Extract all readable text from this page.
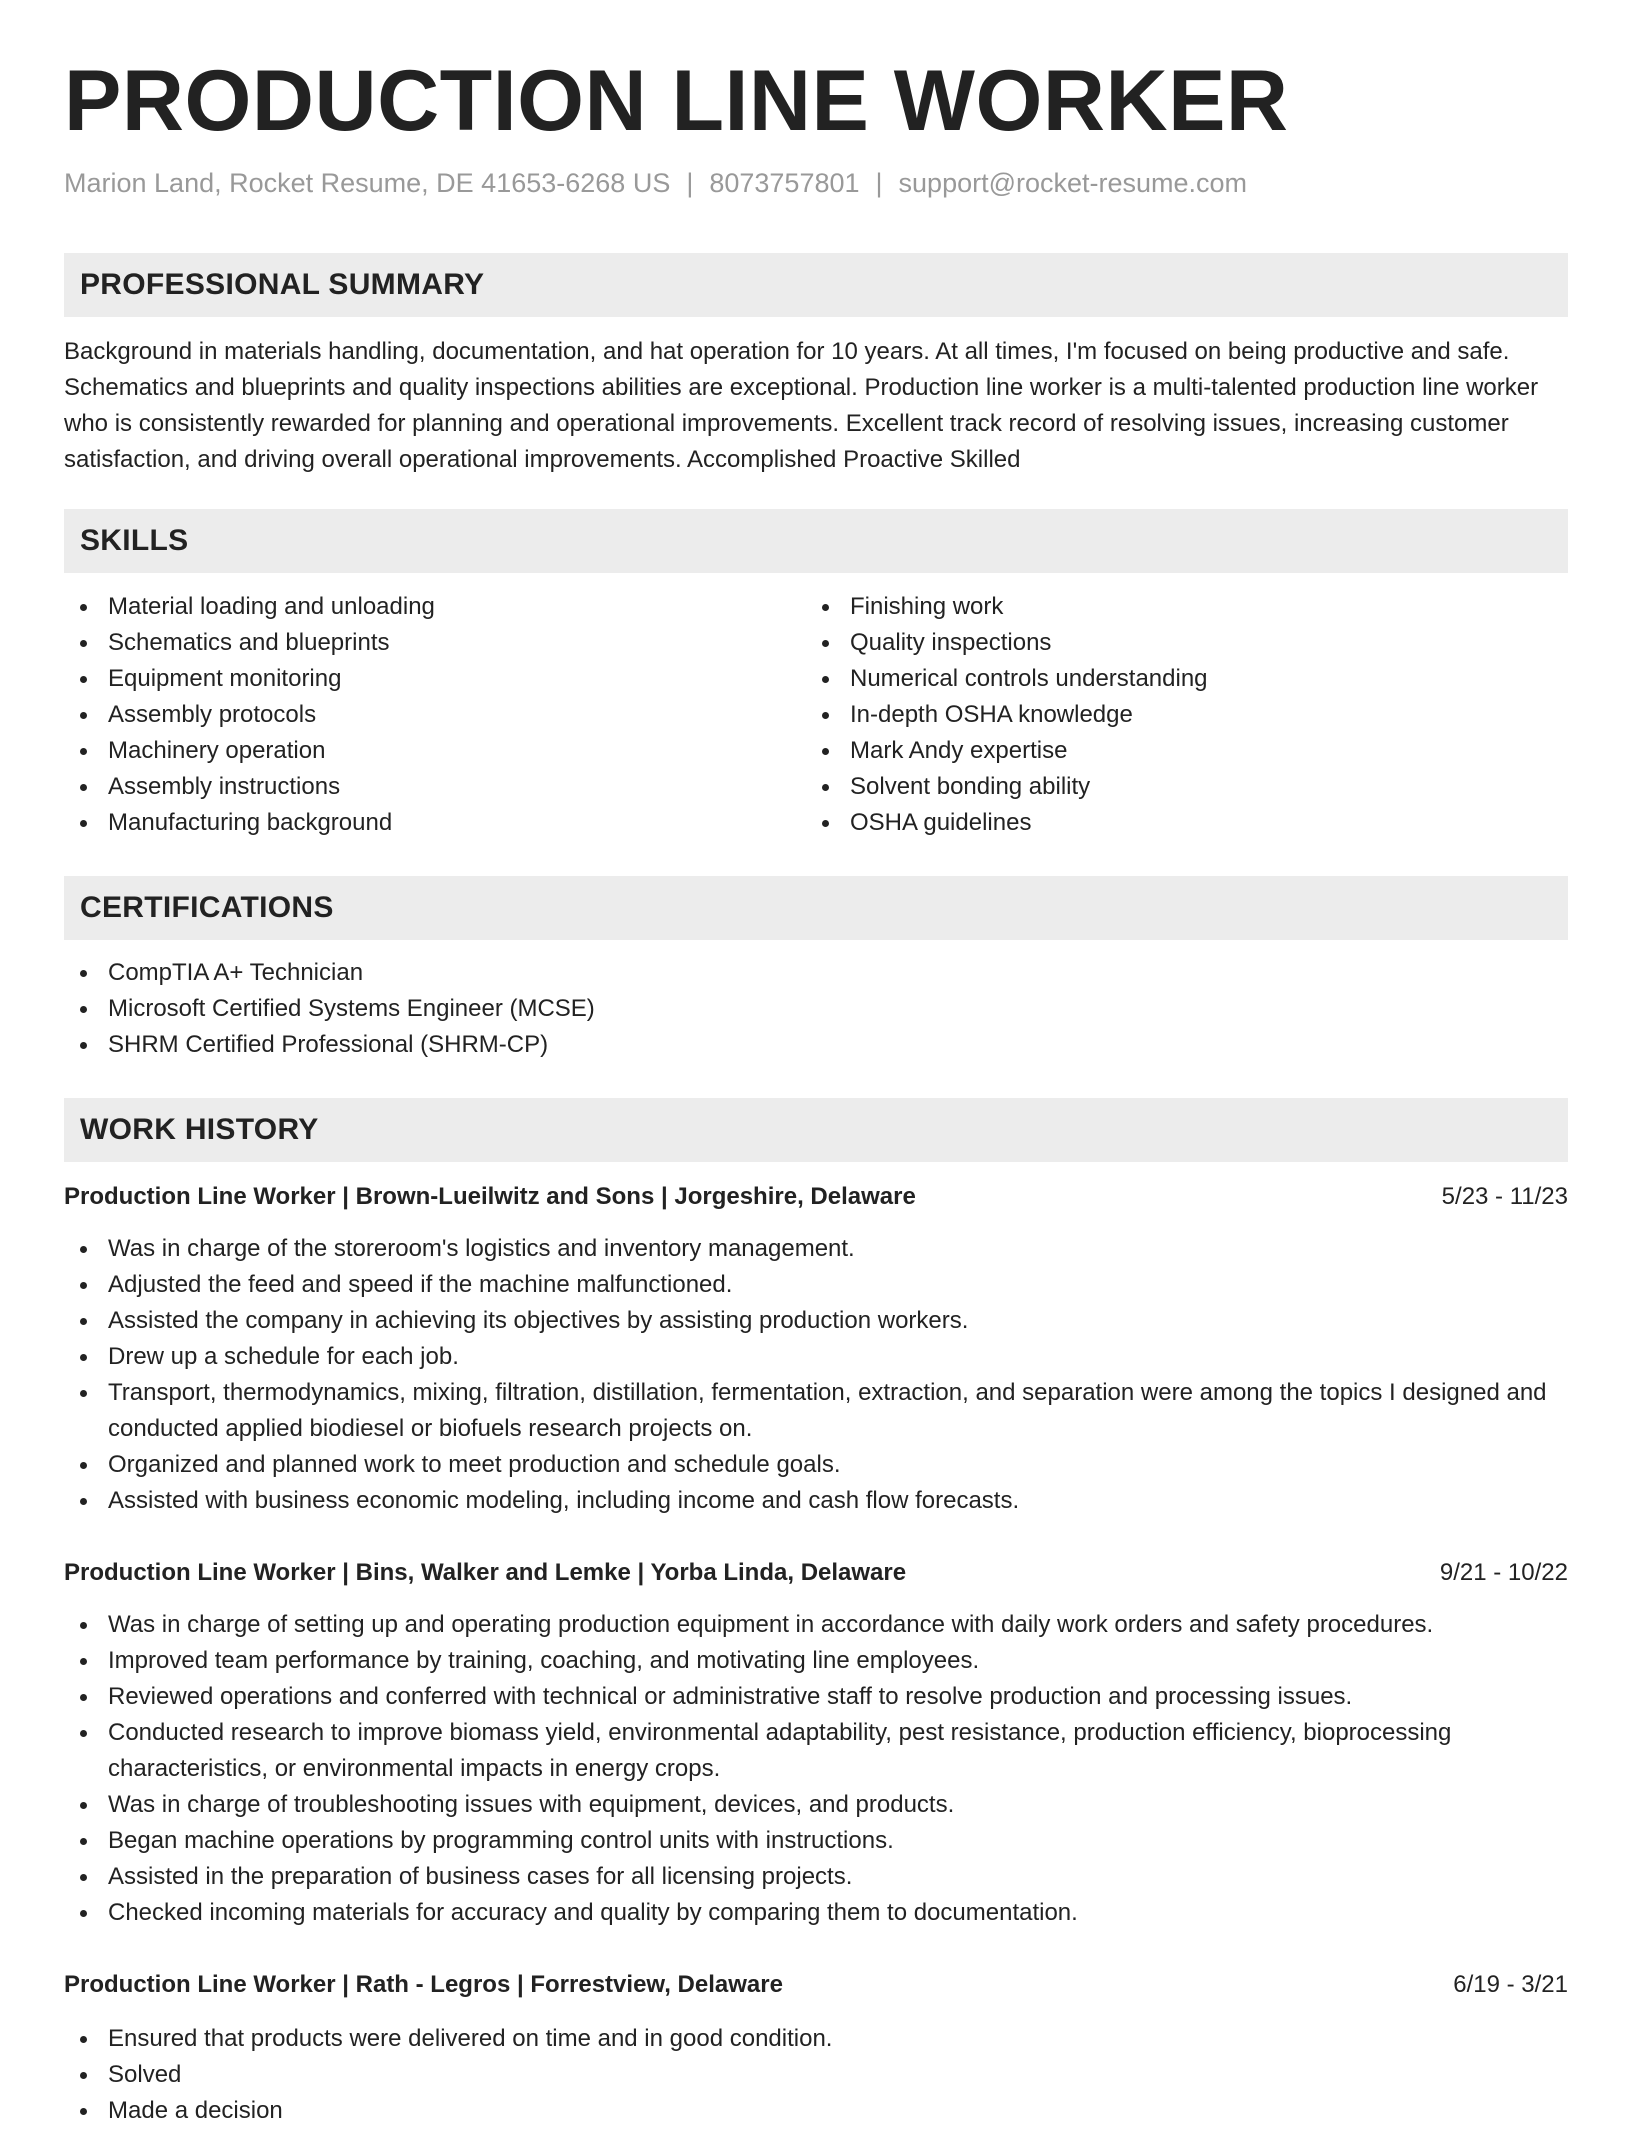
PRODUCTION LINE WORKER
Marion Land, Rocket Resume, DE 41653-6268 US | 8073757801 | support@rocket-resume.com
PROFESSIONAL SUMMARY

Background in materials handling, documentation, and hat operation for 10 years. At all times, I'm focused on being productive and safe. Schematics and blueprints and quality inspections abilities are exceptional. Production line worker is a multi-talented production line worker who is consistently rewarded for planning and operational improvements. Excellent track record of resolving issues, increasing customer satisfaction, and driving overall operational improvements. Accomplished Proactive Skilled

SKILLS
Material loading and unloading
Schematics and blueprints
Equipment monitoring
Assembly protocols
Machinery operation
Assembly instructions
Manufacturing background
Finishing work
Quality inspections
Numerical controls understanding
In-depth OSHA knowledge
Mark Andy expertise
Solvent bonding ability
OSHA guidelines
CERTIFICATIONS
CompTIA A+ Technician
Microsoft Certified Systems Engineer (MCSE)
SHRM Certified Professional (SHRM-CP)
WORK HISTORY
Production Line Worker | Brown-Lueilwitz and Sons | Jorgeshire, Delaware	5/23 - 11/23
Was in charge of the storeroom's logistics and inventory management.
Adjusted the feed and speed if the machine malfunctioned.
Assisted the company in achieving its objectives by assisting production workers.
Drew up a schedule for each job.
Transport, thermodynamics, mixing, filtration, distillation, fermentation, extraction, and separation were among the topics I designed and conducted applied biodiesel or biofuels research projects on.
Organized and planned work to meet production and schedule goals.
Assisted with business economic modeling, including income and cash flow forecasts.
Production Line Worker | Bins, Walker and Lemke | Yorba Linda, Delaware	9/21 - 10/22
Was in charge of setting up and operating production equipment in accordance with daily work orders and safety procedures.
Improved team performance by training, coaching, and motivating line employees.
Reviewed operations and conferred with technical or administrative staff to resolve production and processing issues.
Conducted research to improve biomass yield, environmental adaptability, pest resistance, production efficiency, bioprocessing characteristics, or environmental impacts in energy crops.
Was in charge of troubleshooting issues with equipment, devices, and products.
Began machine operations by programming control units with instructions.
Assisted in the preparation of business cases for all licensing projects.
Checked incoming materials for accuracy and quality by comparing them to documentation.
Production Line Worker | Rath - Legros | Forrestview, Delaware	6/19 - 3/21
Ensured that products were delivered on time and in good condition.
Solved
Made a decision
